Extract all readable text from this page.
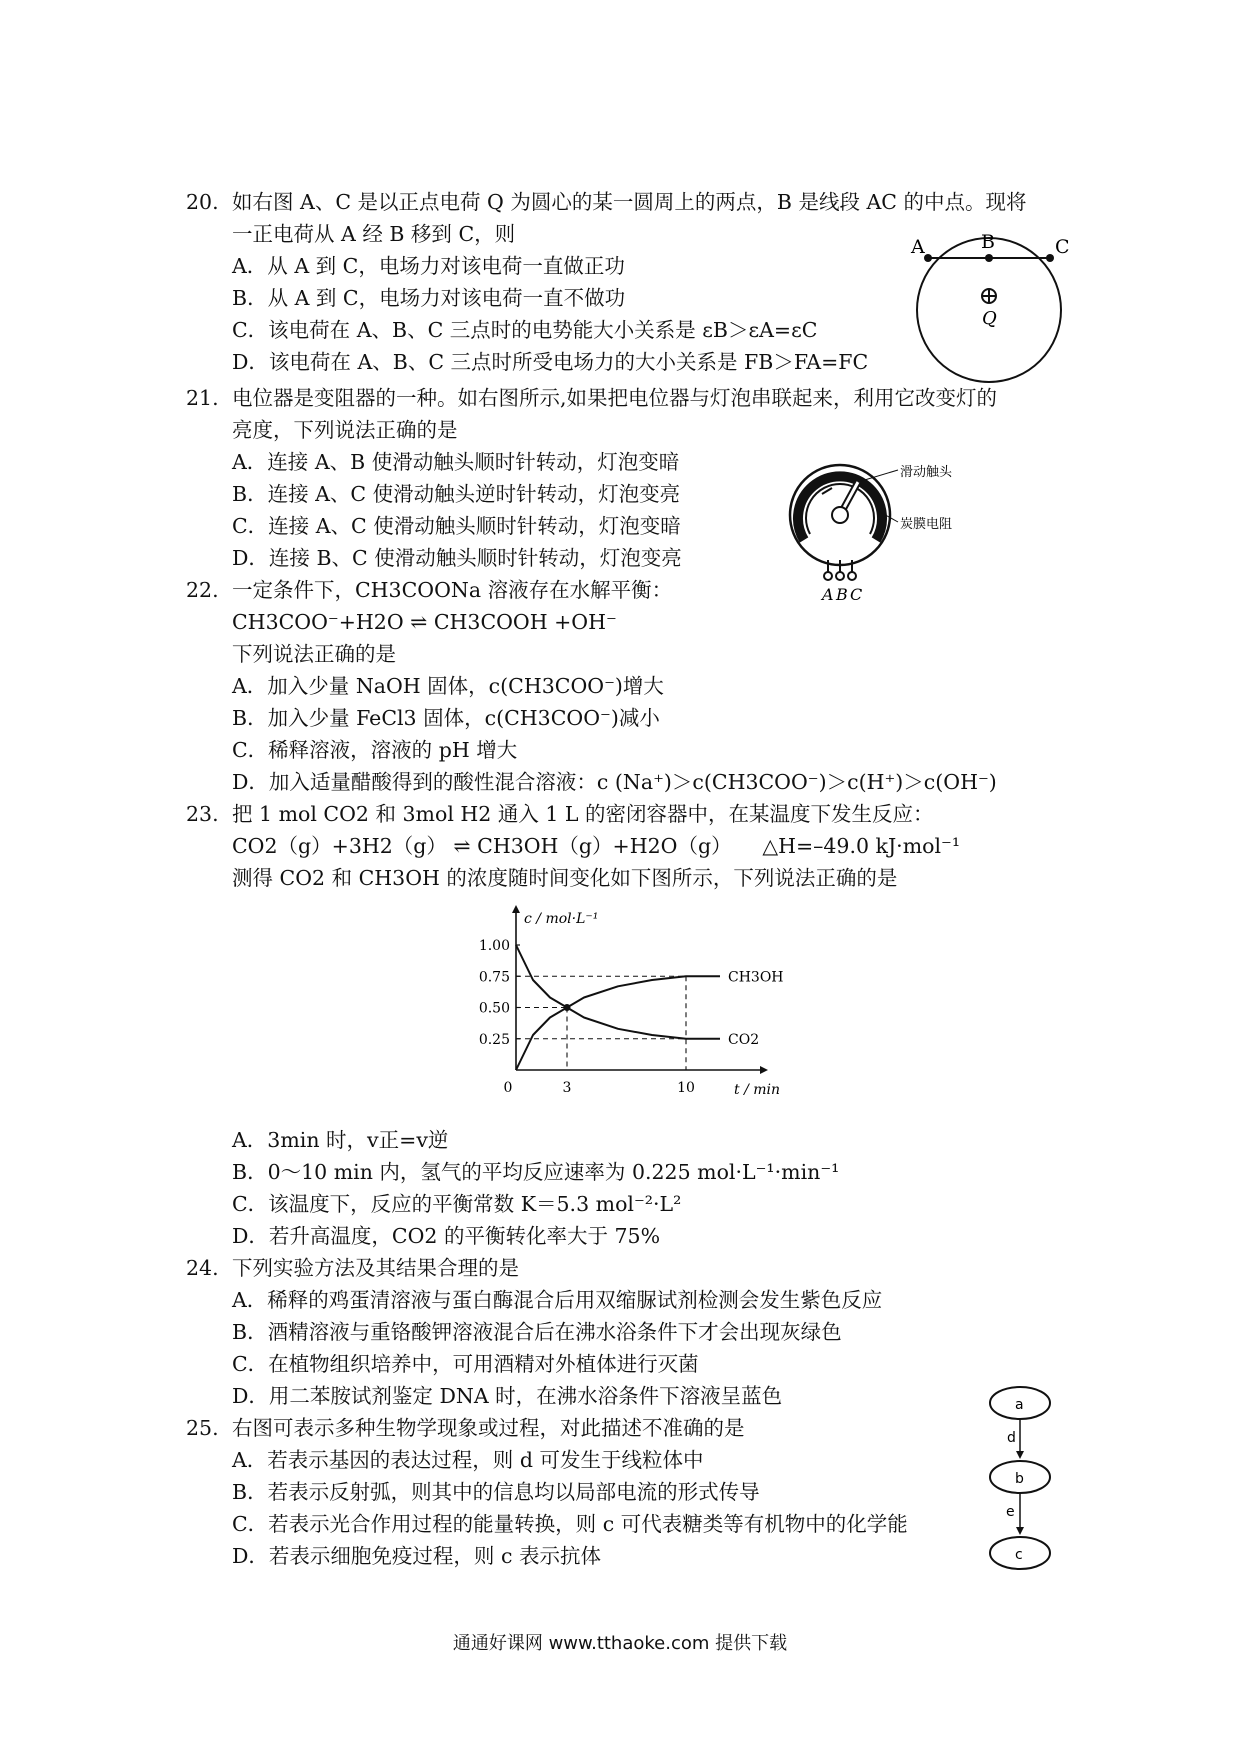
20. 如右图 A、C 是以正点电荷 Q 为圆心的某一圆周上的两点，B 是线段 AC 的中点。现将
一正电荷从 A 经 B 移到 C，则
A．从 A 到 C，电场力对该电荷一直做正功
B．从 A 到 C，电场力对该电荷一直不做功
C．该电荷在 A、B、C 三点时的电势能大小关系是 εB＞εA=εC
D．该电荷在 A、B、C 三点时所受电场力的大小关系是 FB＞FA=FC
A	B	C
Q
21. 电位器是变阻器的一种。如右图所示,如果把电位器与灯泡串联起来，利用它改变灯的
亮度，下列说法正确的是
A．连接 A、B 使滑动触头顺时针转动，灯泡变暗
B．连接 A、C 使滑动触头逆时针转动，灯泡变亮
C．连接 A、C 使滑动触头顺时针转动，灯泡变暗
D．连接 B、C 使滑动触头顺时针转动，灯泡变亮
A B C
滑动触头
炭膜电阻
22. 一定条件下，CH3COONa 溶液存在水解平衡：
CH3COO⁻+H2O ⇌ CH3COOH +OH⁻
下列说法正确的是
A．加入少量 NaOH 固体，c(CH3COO⁻)增大
B．加入少量 FeCl3 固体，c(CH3COO⁻)减小
C．稀释溶液，溶液的 pH 增大
D．加入适量醋酸得到的酸性混合溶液：c (Na⁺)＞c(CH3COO⁻)＞c(H⁺)＞c(OH⁻)
23. 把 1 mol CO2 和 3mol H2 通入 1 L 的密闭容器中，在某温度下发生反应：
CO2（g）+3H2（g） ⇌ CH3OH（g）+H2O（g）　　△H=–49.0 kJ·mol⁻¹
测得 CO2 和 CH3OH 的浓度随时间变化如下图所示，下列说法正确的是
0.25
0.50
0.75
1.00
0	3	10
CH3OH
CO2
c / mol·L⁻¹
t / min
A．3min 时，v正=v逆
B．0～10 min 内，氢气的平均反应速率为 0.225 mol·L⁻¹·min⁻¹
C．该温度下，反应的平衡常数 K＝5.3 mol⁻²·L²
D．若升高温度，CO2 的平衡转化率大于 75%
24. 下列实验方法及其结果合理的是
A．稀释的鸡蛋清溶液与蛋白酶混合后用双缩脲试剂检测会发生紫色反应
B．酒精溶液与重铬酸钾溶液混合后在沸水浴条件下才会出现灰绿色
C．在植物组织培养中，可用酒精对外植体进行灭菌
D．用二苯胺试剂鉴定 DNA 时，在沸水浴条件下溶液呈蓝色
25. 右图可表示多种生物学现象或过程，对此描述不准确的是
A．若表示基因的表达过程，则 d 可发生于线粒体中
B．若表示反射弧，则其中的信息均以局部电流的形式传导
C．若表示光合作用过程的能量转换，则 c 可代表糖类等有机物中的化学能
D．若表示细胞免疫过程，则 c 表示抗体
a
d
b
e
c
通通好课网 www.tthaoke.com 提供下载
